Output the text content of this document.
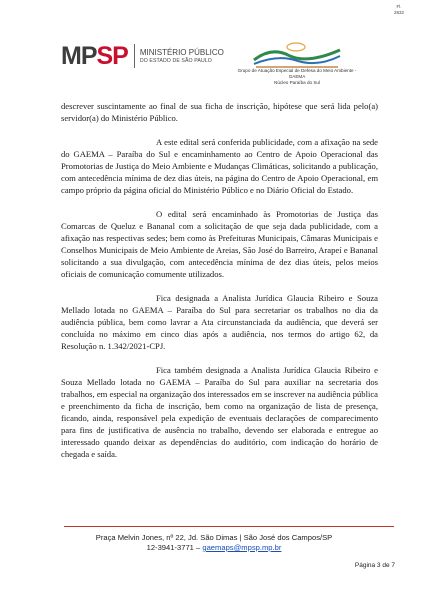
Fl.
2832
MPSP MINISTÉRIO PÚBLICO
DO ESTADO DE SÃO PAULO
Grupo de Atuação Especial de Defesa do Meio Ambiente - GAEMA
Núcleo Paraíba do Sul

descrever suscintamente ao final de sua ficha de inscrição, hipótese que será lida pelo(a) servidor(a) do Ministério Público.

A este edital será conferida publicidade, com a afixação na sede do GAEMA – Paraíba do Sul e encaminhamento ao Centro de Apoio Operacional das Promotorias de Justiça do Meio Ambiente e Mudanças Climáticas, solicitando a publicação, com antecedência mínima de dez dias úteis, na página do Centro de Apoio Operacional, em campo próprio da página oficial do Ministério Público e no Diário Oficial do Estado.

O edital será encaminhado às Promotorias de Justiça das Comarcas de Queluz e Bananal com a solicitação de que seja dada publicidade, com a afixação nas respectivas sedes; bem como às Prefeituras Municipais, Câmaras Municipais e Conselhos Municipais de Meio Ambiente de Areias, São José do Barreiro, Arapeí e Bananal solicitando a sua divulgação, com antecedência mínima de dez dias úteis, pelos meios oficiais de comunicação comumente utilizados.

Fica designada a Analista Jurídica Glaucia Ribeiro e Souza Mellado lotada no GAEMA – Paraíba do Sul para secretariar os trabalhos no dia da audiência pública, bem como lavrar a Ata circunstanciada da audiência, que deverá ser concluída no máximo em cinco dias após a audiência, nos termos do artigo 62, da Resolução n. 1.342/2021-CPJ.

Fica também designada a Analista Jurídica Glaucia Ribeiro e Souza Mellado lotada no GAEMA – Paraíba do Sul para auxiliar na secretaria dos trabalhos, em especial na organização dos interessados em se inscrever na audiência pública e preenchimento da ficha de inscrição, bem como na organização de lista de presença, ficando, ainda, responsável pela expedição de eventuais declarações de comparecimento para fins de justificativa de ausência no trabalho, devendo ser elaborada e entregue ao interessado quando deixar as dependências do auditório, com indicação do horário de chegada e saída.

Praça Melvin Jones, nº 22, Jd. São Dimas | São José dos Campos/SP
12-3941-3771 – gaemaps@mpsp.mp.br
Página 3 de 7
